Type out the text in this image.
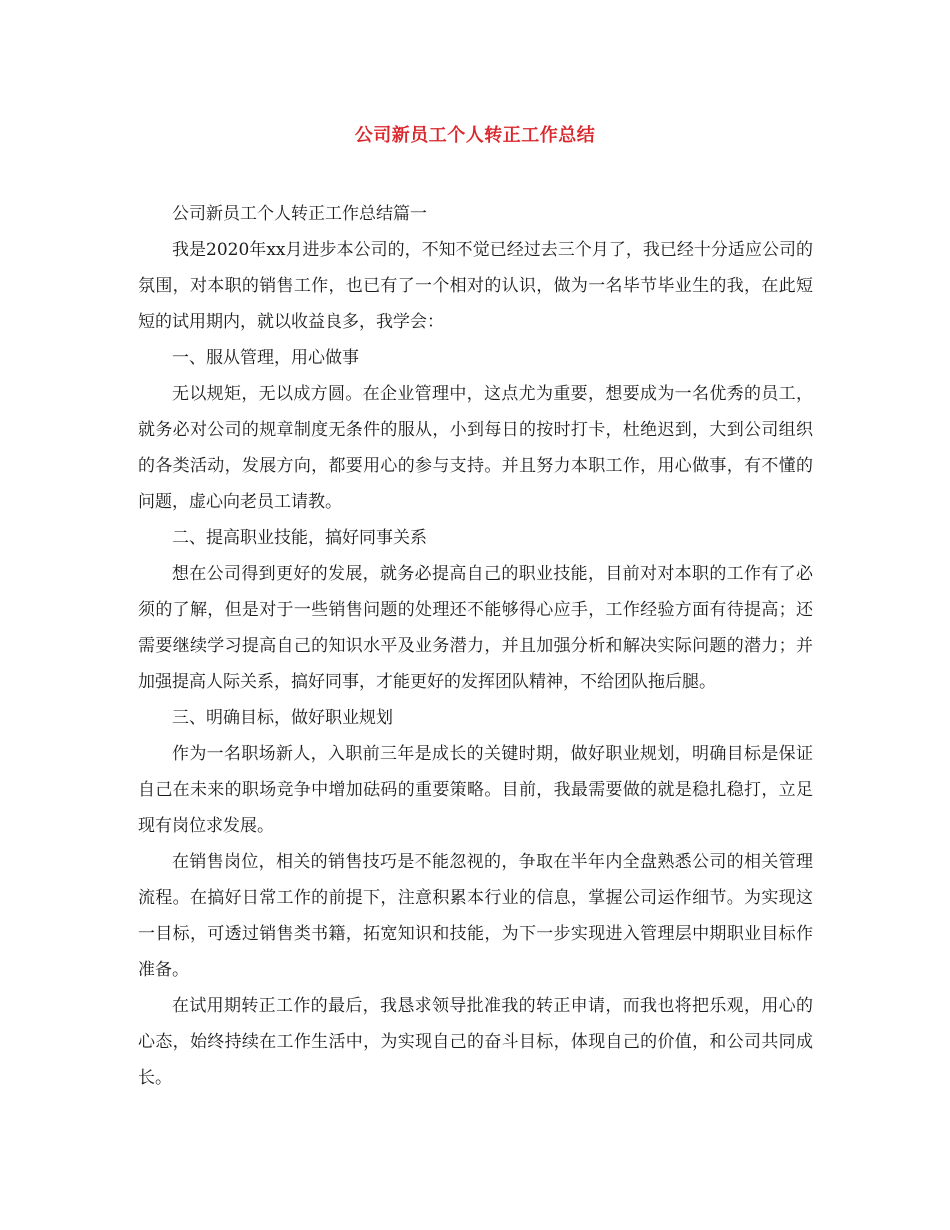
公司新员工个人转正工作总结

公司新员工个人转正工作总结篇一

我是2020年xx月进步本公司的，不知不觉已经过去三个月了，我已经十分适应公司的氛围，对本职的销售工作，也已有了一个相对的认识，做为一名毕节毕业生的我，在此短短的试用期内，就以收益良多，我学会：

一、服从管理，用心做事

无以规矩，无以成方圆。在企业管理中，这点尤为重要，想要成为一名优秀的员工，就务必对公司的规章制度无条件的服从，小到每日的按时打卡，杜绝迟到，大到公司组织的各类活动，发展方向，都要用心的参与支持。并且努力本职工作，用心做事，有不懂的问题，虚心向老员工请教。

二、提高职业技能，搞好同事关系

想在公司得到更好的发展，就务必提高自己的职业技能，目前对对本职的工作有了必须的了解，但是对于一些销售问题的处理还不能够得心应手，工作经验方面有待提高；还需要继续学习提高自己的知识水平及业务潜力，并且加强分析和解决实际问题的潜力；并加强提高人际关系，搞好同事，才能更好的发挥团队精神，不给团队拖后腿。

三、明确目标，做好职业规划

作为一名职场新人，入职前三年是成长的关键时期，做好职业规划，明确目标是保证自己在未来的职场竞争中增加砝码的重要策略。目前，我最需要做的就是稳扎稳打，立足现有岗位求发展。

在销售岗位，相关的销售技巧是不能忽视的，争取在半年内全盘熟悉公司的相关管理流程。在搞好日常工作的前提下，注意积累本行业的信息，掌握公司运作细节。为实现这一目标，可透过销售类书籍，拓宽知识和技能，为下一步实现进入管理层中期职业目标作准备。

在试用期转正工作的最后，我恳求领导批准我的转正申请，而我也将把乐观，用心的心态，始终持续在工作生活中，为实现自己的奋斗目标，体现自己的价值，和公司共同成长。
